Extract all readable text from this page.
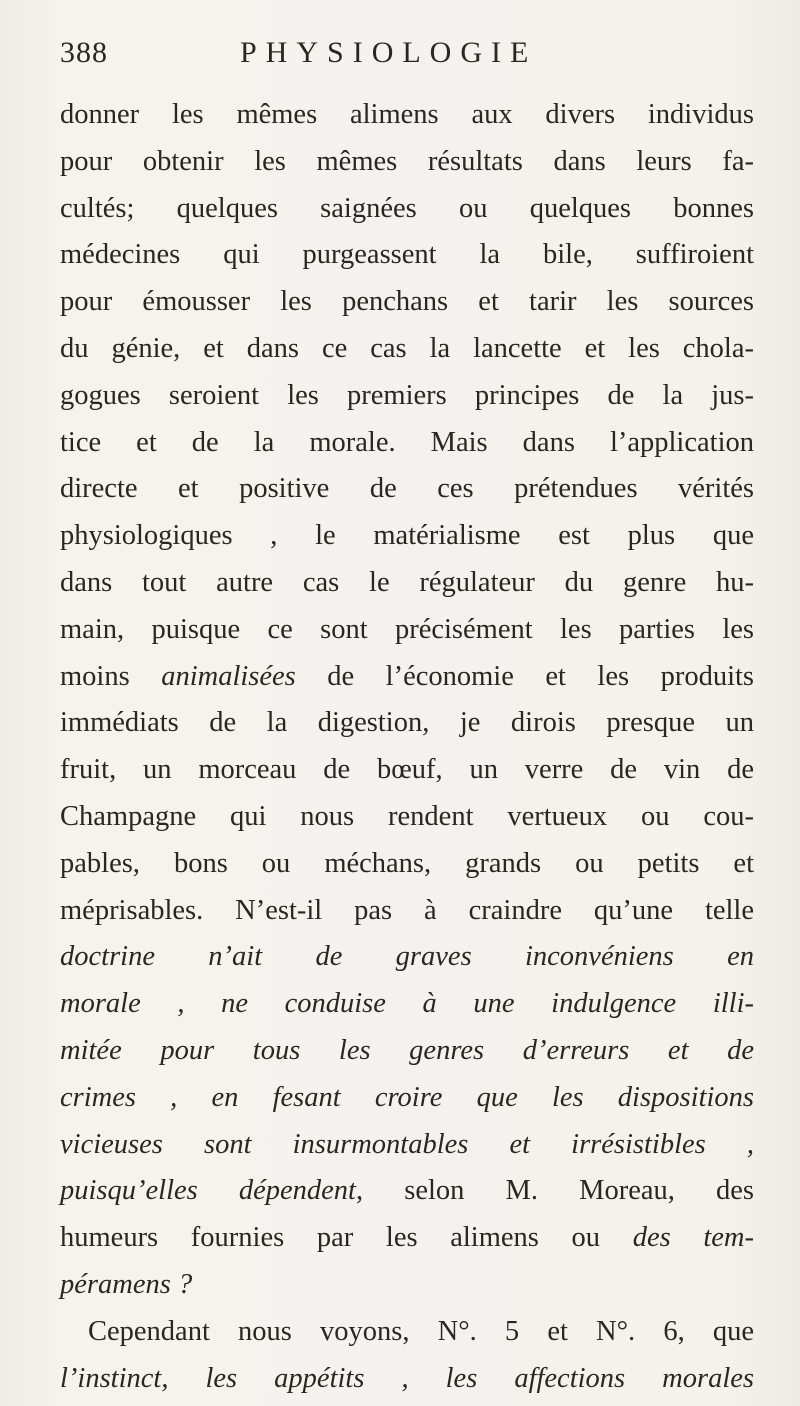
388	PHYSIOLOGIE
donner les mêmes alimens aux divers individus
pour obtenir les mêmes résultats dans leurs fa-
cultés; quelques saignées ou quelques bonnes
médecines qui purgeassent la bile, suffiroient
pour émousser les penchans et tarir les sources
du génie, et dans ce cas la lancette et les chola-
gogues seroient les premiers principes de la jus-
tice et de la morale. Mais dans l’application
directe et positive de ces prétendues vérités
physiologiques , le matérialisme est plus que
dans tout autre cas le régulateur du genre hu-
main, puisque ce sont précisément les parties les
moins animalisées de l’économie et les produits
immédiats de la digestion, je dirois presque un
fruit, un morceau de bœuf, un verre de vin de
Champagne qui nous rendent vertueux ou cou-
pables, bons ou méchans, grands ou petits et
méprisables. N’est-il pas à craindre qu’une telle
doctrine n’ait de graves inconvéniens en
morale , ne conduise à une indulgence illi-
mitée pour tous les genres d’erreurs et de
crimes , en fesant croire que les dispositions
vicieuses sont insurmontables et irrésistibles ,
puisqu’elles dépendent, selon M. Moreau, des
humeurs fournies par les alimens ou des tem-
péramens ?
Cependant nous voyons, N°. 5 et N°. 6, que
l’instinct, les appétits , les affections morales
